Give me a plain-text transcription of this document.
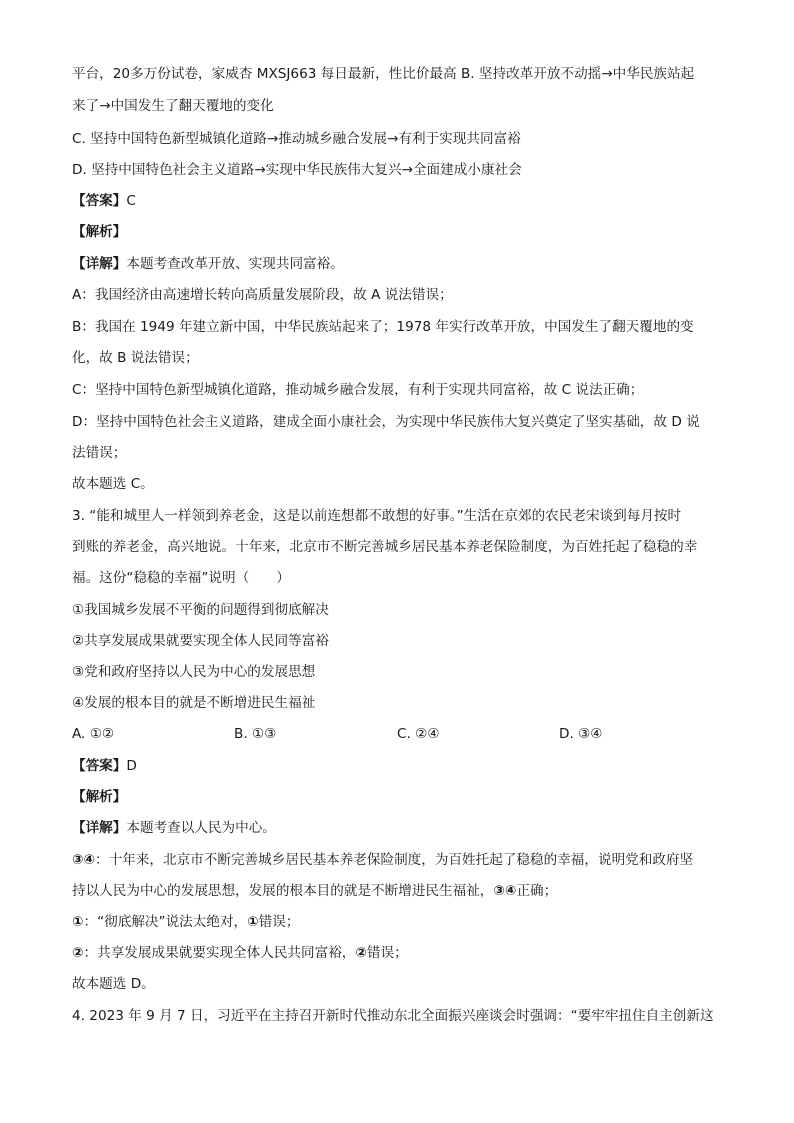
平台，20多万份试卷，家威杏 MXSJ663 每日最新，性比价最高 B. 坚持改革开放不动摇→中华民族站起
来了→中国发生了翻天覆地的变化
C. 坚持中国特色新型城镇化道路→推动城乡融合发展→有利于实现共同富裕
D. 坚持中国特色社会主义道路→实现中华民族伟大复兴→全面建成小康社会
【答案】C
【解析】
【详解】本题考查改革开放、实现共同富裕。
A：我国经济由高速增长转向高质量发展阶段，故 A 说法错误；
B：我国在 1949 年建立新中国，中华民族站起来了；1978 年实行改革开放，中国发生了翻天覆地的变
化，故 B 说法错误；
C：坚持中国特色新型城镇化道路，推动城乡融合发展，有利于实现共同富裕，故 C 说法正确；
D：坚持中国特色社会主义道路，建成全面小康社会，为实现中华民族伟大复兴奠定了坚实基础，故 D 说
法错误；
故本题选 C。
3. “能和城里人一样领到养老金，这是以前连想都不敢想的好事。”生活在京郊的农民老宋谈到每月按时
到账的养老金，高兴地说。十年来，北京市不断完善城乡居民基本养老保险制度，为百姓托起了稳稳的幸
福。这份“稳稳的幸福”说明（　　）
①我国城乡发展不平衡的问题得到彻底解决
②共享发展成果就要实现全体人民同等富裕
③党和政府坚持以人民为中心的发展思想
④发展的根本目的就是不断增进民生福祉
A. ①②	B. ①③	C. ②④	D. ③④
【答案】D
【解析】
【详解】本题考查以人民为中心。
③④：十年来，北京市不断完善城乡居民基本养老保险制度，为百姓托起了稳稳的幸福，说明党和政府坚
持以人民为中心的发展思想，发展的根本目的就是不断增进民生福祉，③④正确；
①：“彻底解决”说法太绝对，①错误；
②：共享发展成果就要实现全体人民共同富裕，②错误；
故本题选 D。
4. 2023 年 9 月 7 日，习近平在主持召开新时代推动东北全面振兴座谈会时强调：“要牢牢扭住自主创新这
